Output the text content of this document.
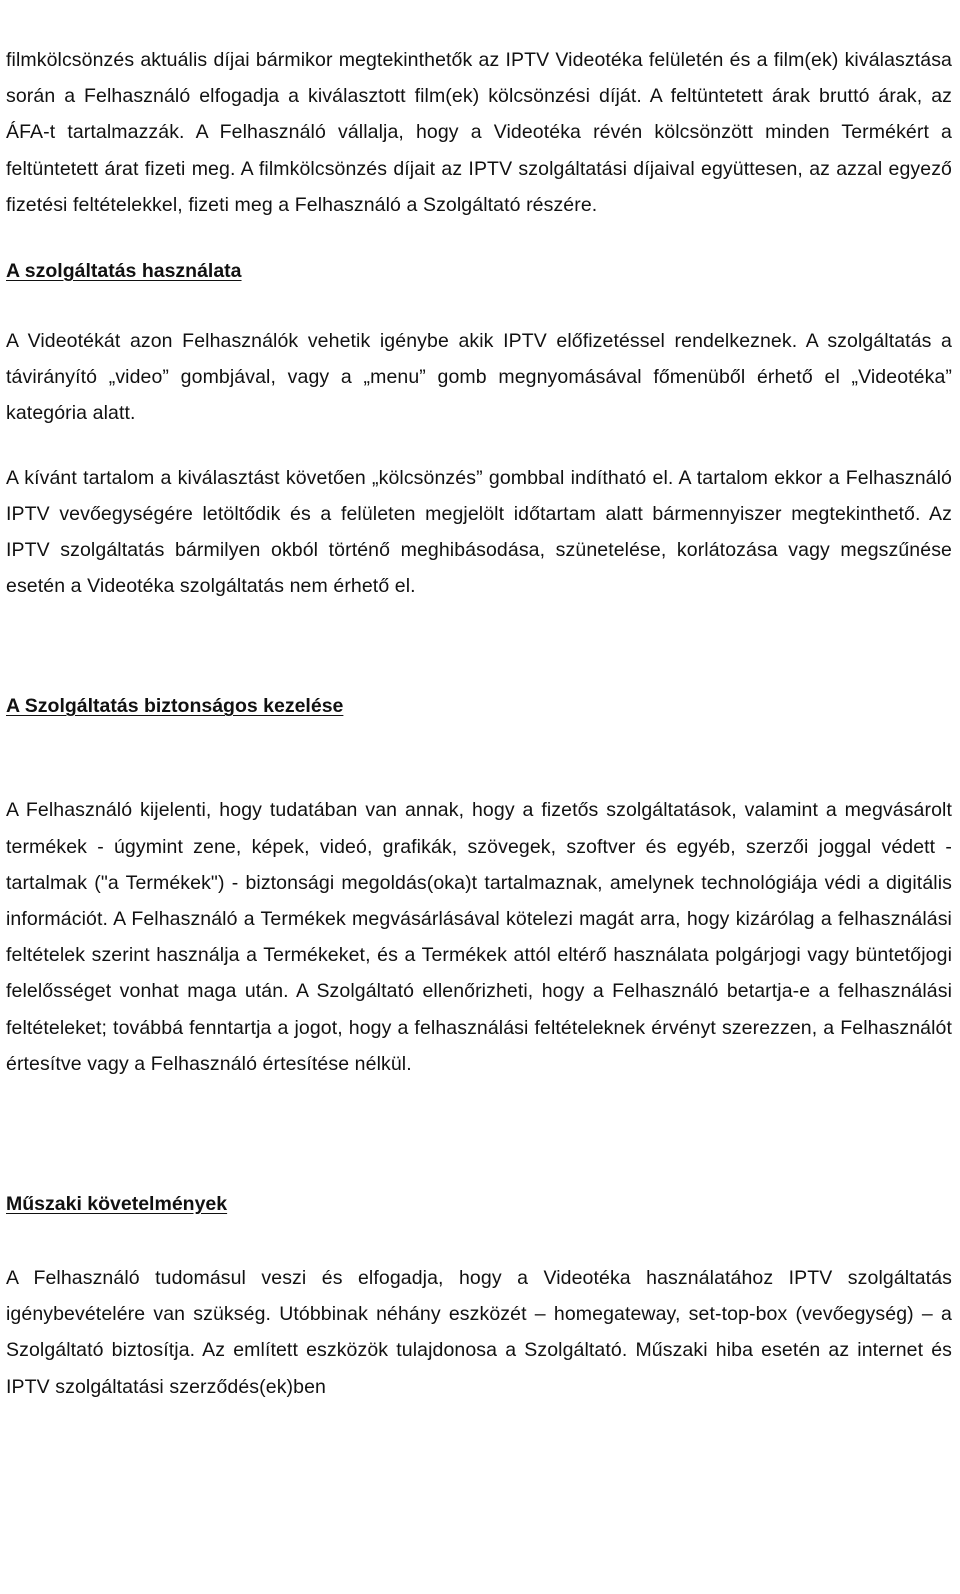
filmkölcsönzés aktuális díjai bármikor megtekinthetők az IPTV Videotéka felületén és a film(ek) kiválasztása során a Felhasználó elfogadja a kiválasztott film(ek) kölcsönzési díját. A feltüntetett árak bruttó árak, az ÁFA-t tartalmazzák. A Felhasználó vállalja, hogy a Videotéka révén kölcsönzött minden Termékért a feltüntetett árat fizeti meg. A filmkölcsönzés díjait az IPTV szolgáltatási díjaival együttesen, az azzal egyező fizetési feltételekkel, fizeti meg a Felhasználó a Szolgáltató részére.

A szolgáltatás használata

A Videotékát azon Felhasználók vehetik igénybe akik IPTV előfizetéssel rendelkeznek. A szolgáltatás a távirányító „video” gombjával, vagy a „menu” gomb megnyomásával főmenüből érhető el „Videotéka” kategória alatt.

A kívánt tartalom a kiválasztást követően „kölcsönzés” gombbal indítható el. A tartalom ekkor a Felhasználó IPTV vevőegységére letöltődik és a felületen megjelölt időtartam alatt bármennyiszer megtekinthető. Az IPTV szolgáltatás bármilyen okból történő meghibásodása, szünetelése, korlátozása vagy megszűnése esetén a Videotéka szolgáltatás nem érhető el.

A Szolgáltatás biztonságos kezelése

A Felhasználó kijelenti, hogy tudatában van annak, hogy a fizetős szolgáltatások, valamint a megvásárolt termékek - úgymint zene, képek, videó, grafikák, szövegek, szoftver és egyéb, szerzői joggal védett - tartalmak ("a Termékek") - biztonsági megoldás(oka)t tartalmaznak, amelynek technológiája védi a digitális információt. A Felhasználó a Termékek megvásárlásával kötelezi magát arra, hogy kizárólag a felhasználási feltételek szerint használja a Termékeket, és a Termékek attól eltérő használata polgárjogi vagy büntetőjogi felelősséget vonhat maga után. A Szolgáltató ellenőrizheti, hogy a Felhasználó betartja-e a felhasználási feltételeket; továbbá fenntartja a jogot, hogy a felhasználási feltételeknek érvényt szerezzen, a Felhasználót értesítve vagy a Felhasználó értesítése nélkül.

Műszaki követelmények

A Felhasználó tudomásul veszi és elfogadja, hogy a Videotéka használatához IPTV szolgáltatás igénybevételére van szükség. Utóbbinak néhány eszközét – homegateway, set-top-box (vevőegység) – a Szolgáltató biztosítja. Az említett eszközök tulajdonosa a Szolgáltató. Műszaki hiba esetén az internet és IPTV szolgáltatási szerződés(ek)ben
